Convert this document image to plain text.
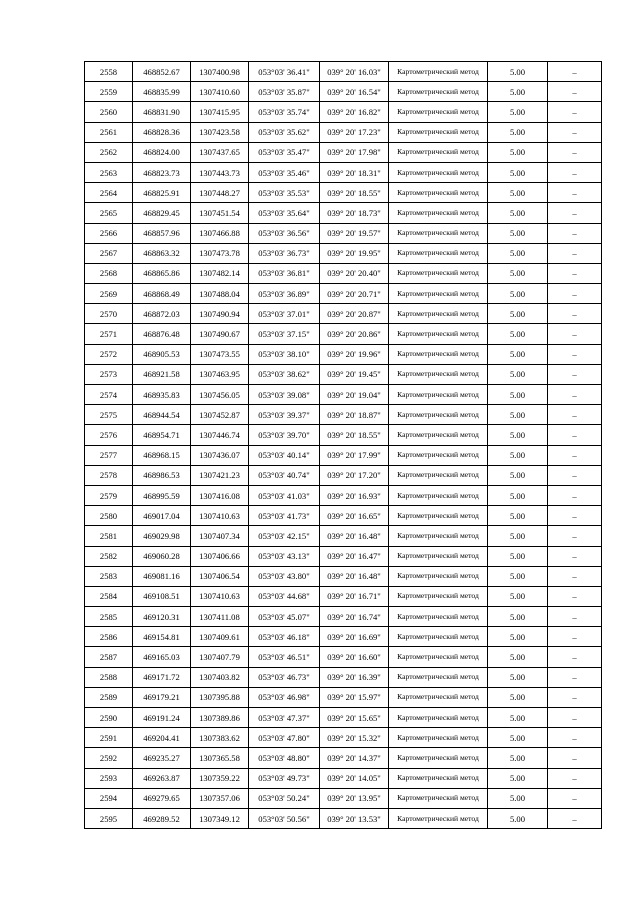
2558	468852.67	1307400.98	053°03' 36.41"	039° 20' 16.03"	Картометрический метод	5.00	–
2559	468835.99	1307410.60	053°03' 35.87"	039° 20' 16.54"	Картометрический метод	5.00	–
2560	468831.90	1307415.95	053°03' 35.74"	039° 20' 16.82"	Картометрический метод	5.00	–
2561	468828.36	1307423.58	053°03' 35.62"	039° 20' 17.23"	Картометрический метод	5.00	–
2562	468824.00	1307437.65	053°03' 35.47"	039° 20' 17.98"	Картометрический метод	5.00	–
2563	468823.73	1307443.73	053°03' 35.46"	039° 20' 18.31"	Картометрический метод	5.00	–
2564	468825.91	1307448.27	053°03' 35.53"	039° 20' 18.55"	Картометрический метод	5.00	–
2565	468829.45	1307451.54	053°03' 35.64"	039° 20' 18.73"	Картометрический метод	5.00	–
2566	468857.96	1307466.88	053°03' 36.56"	039° 20' 19.57"	Картометрический метод	5.00	–
2567	468863.32	1307473.78	053°03' 36.73"	039° 20' 19.95"	Картометрический метод	5.00	–
2568	468865.86	1307482.14	053°03' 36.81"	039° 20' 20.40"	Картометрический метод	5.00	–
2569	468868.49	1307488.04	053°03' 36.89"	039° 20' 20.71"	Картометрический метод	5.00	–
2570	468872.03	1307490.94	053°03' 37.01"	039° 20' 20.87"	Картометрический метод	5.00	–
2571	468876.48	1307490.67	053°03' 37.15"	039° 20' 20.86"	Картометрический метод	5.00	–
2572	468905.53	1307473.55	053°03' 38.10"	039° 20' 19.96"	Картометрический метод	5.00	–
2573	468921.58	1307463.95	053°03' 38.62"	039° 20' 19.45"	Картометрический метод	5.00	–
2574	468935.83	1307456.05	053°03' 39.08"	039° 20' 19.04"	Картометрический метод	5.00	–
2575	468944.54	1307452.87	053°03' 39.37"	039° 20' 18.87"	Картометрический метод	5.00	–
2576	468954.71	1307446.74	053°03' 39.70"	039° 20' 18.55"	Картометрический метод	5.00	–
2577	468968.15	1307436.07	053°03' 40.14"	039° 20' 17.99"	Картометрический метод	5.00	–
2578	468986.53	1307421.23	053°03' 40.74"	039° 20' 17.20"	Картометрический метод	5.00	–
2579	468995.59	1307416.08	053°03' 41.03"	039° 20' 16.93"	Картометрический метод	5.00	–
2580	469017.04	1307410.63	053°03' 41.73"	039° 20' 16.65"	Картометрический метод	5.00	–
2581	469029.98	1307407.34	053°03' 42.15"	039° 20' 16.48"	Картометрический метод	5.00	–
2582	469060.28	1307406.66	053°03' 43.13"	039° 20' 16.47"	Картометрический метод	5.00	–
2583	469081.16	1307406.54	053°03' 43.80"	039° 20' 16.48"	Картометрический метод	5.00	–
2584	469108.51	1307410.63	053°03' 44.68"	039° 20' 16.71"	Картометрический метод	5.00	–
2585	469120.31	1307411.08	053°03' 45.07"	039° 20' 16.74"	Картометрический метод	5.00	–
2586	469154.81	1307409.61	053°03' 46.18"	039° 20' 16.69"	Картометрический метод	5.00	–
2587	469165.03	1307407.79	053°03' 46.51"	039° 20' 16.60"	Картометрический метод	5.00	–
2588	469171.72	1307403.82	053°03' 46.73"	039° 20' 16.39"	Картометрический метод	5.00	–
2589	469179.21	1307395.88	053°03' 46.98"	039° 20' 15.97"	Картометрический метод	5.00	–
2590	469191.24	1307389.86	053°03' 47.37"	039° 20' 15.65"	Картометрический метод	5.00	–
2591	469204.41	1307383.62	053°03' 47.80"	039° 20' 15.32"	Картометрический метод	5.00	–
2592	469235.27	1307365.58	053°03' 48.80"	039° 20' 14.37"	Картометрический метод	5.00	–
2593	469263.87	1307359.22	053°03' 49.73"	039° 20' 14.05"	Картометрический метод	5.00	–
2594	469279.65	1307357.06	053°03' 50.24"	039° 20' 13.95"	Картометрический метод	5.00	–
2595	469289.52	1307349.12	053°03' 50.56"	039° 20' 13.53"	Картометрический метод	5.00	–
